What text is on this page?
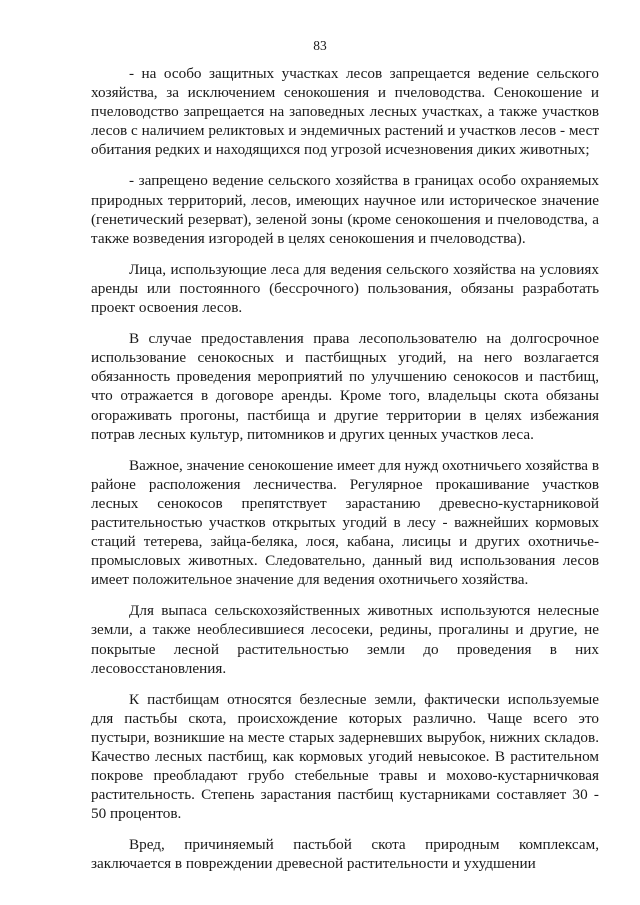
83

- на особо защитных участках лесов запрещается ведение сельского хозяйства, за исключением сенокошения и пчеловодства. Сенокошение и пчеловодство запрещается на заповедных лесных участках, а также участков лесов с наличием реликтовых и эндемичных растений и участков лесов - мест обитания редких и находящихся под угрозой исчезновения диких животных;

- запрещено ведение сельского хозяйства в границах особо охраняемых природных территорий, лесов, имеющих научное или историческое значение (генетический резерват), зеленой зоны (кроме сенокошения и пчеловодства, а также возведения изгородей в целях сенокошения и пчеловодства).

Лица, использующие леса для ведения сельского хозяйства на условиях аренды или постоянного (бессрочного) пользования, обязаны разработать проект освоения лесов.

В случае предоставления права лесопользователю на долгосрочное использование сенокосных и пастбищных угодий, на него возлагается обязанность проведения мероприятий по улучшению сенокосов и пастбищ, что отражается в договоре аренды. Кроме того, владельцы скота обязаны огораживать прогоны, пастбища и другие территории в целях избежания потрав лесных культур, питомников и других ценных участков леса.

Важное, значение сенокошение имеет для нужд охотничьего хозяйства в районе расположения лесничества. Регулярное прокашивание участков лесных сенокосов препятствует зарастанию древесно-кустарниковой растительностью участков открытых угодий в лесу - важнейших кормовых стаций тетерева, зайца-беляка, лося, кабана, лисицы и других охотничье-промысловых животных. Следовательно, данный вид использования лесов имеет положительное значение для ведения охотничьего хозяйства.

Для выпаса сельскохозяйственных животных используются нелесные земли, а также необлесившиеся лесосеки, редины, прогалины и другие, не покрытые лесной растительностью земли до проведения в них лесовосстановления.

К пастбищам относятся безлесные земли, фактически используемые для пастьбы скота, происхождение которых различно. Чаще всего это пустыри, возникшие на месте старых задерневших вырубок, нижних складов. Качество лесных пастбищ, как кормовых угодий невысокое. В растительном покрове преобладают грубо стебельные травы и мохово-кустарничковая растительность. Степень зарастания пастбищ кустарниками составляет 30 - 50 процентов.

Вред, причиняемый пастьбой скота природным комплексам, заключается в повреждении древесной растительности и ухудшении
